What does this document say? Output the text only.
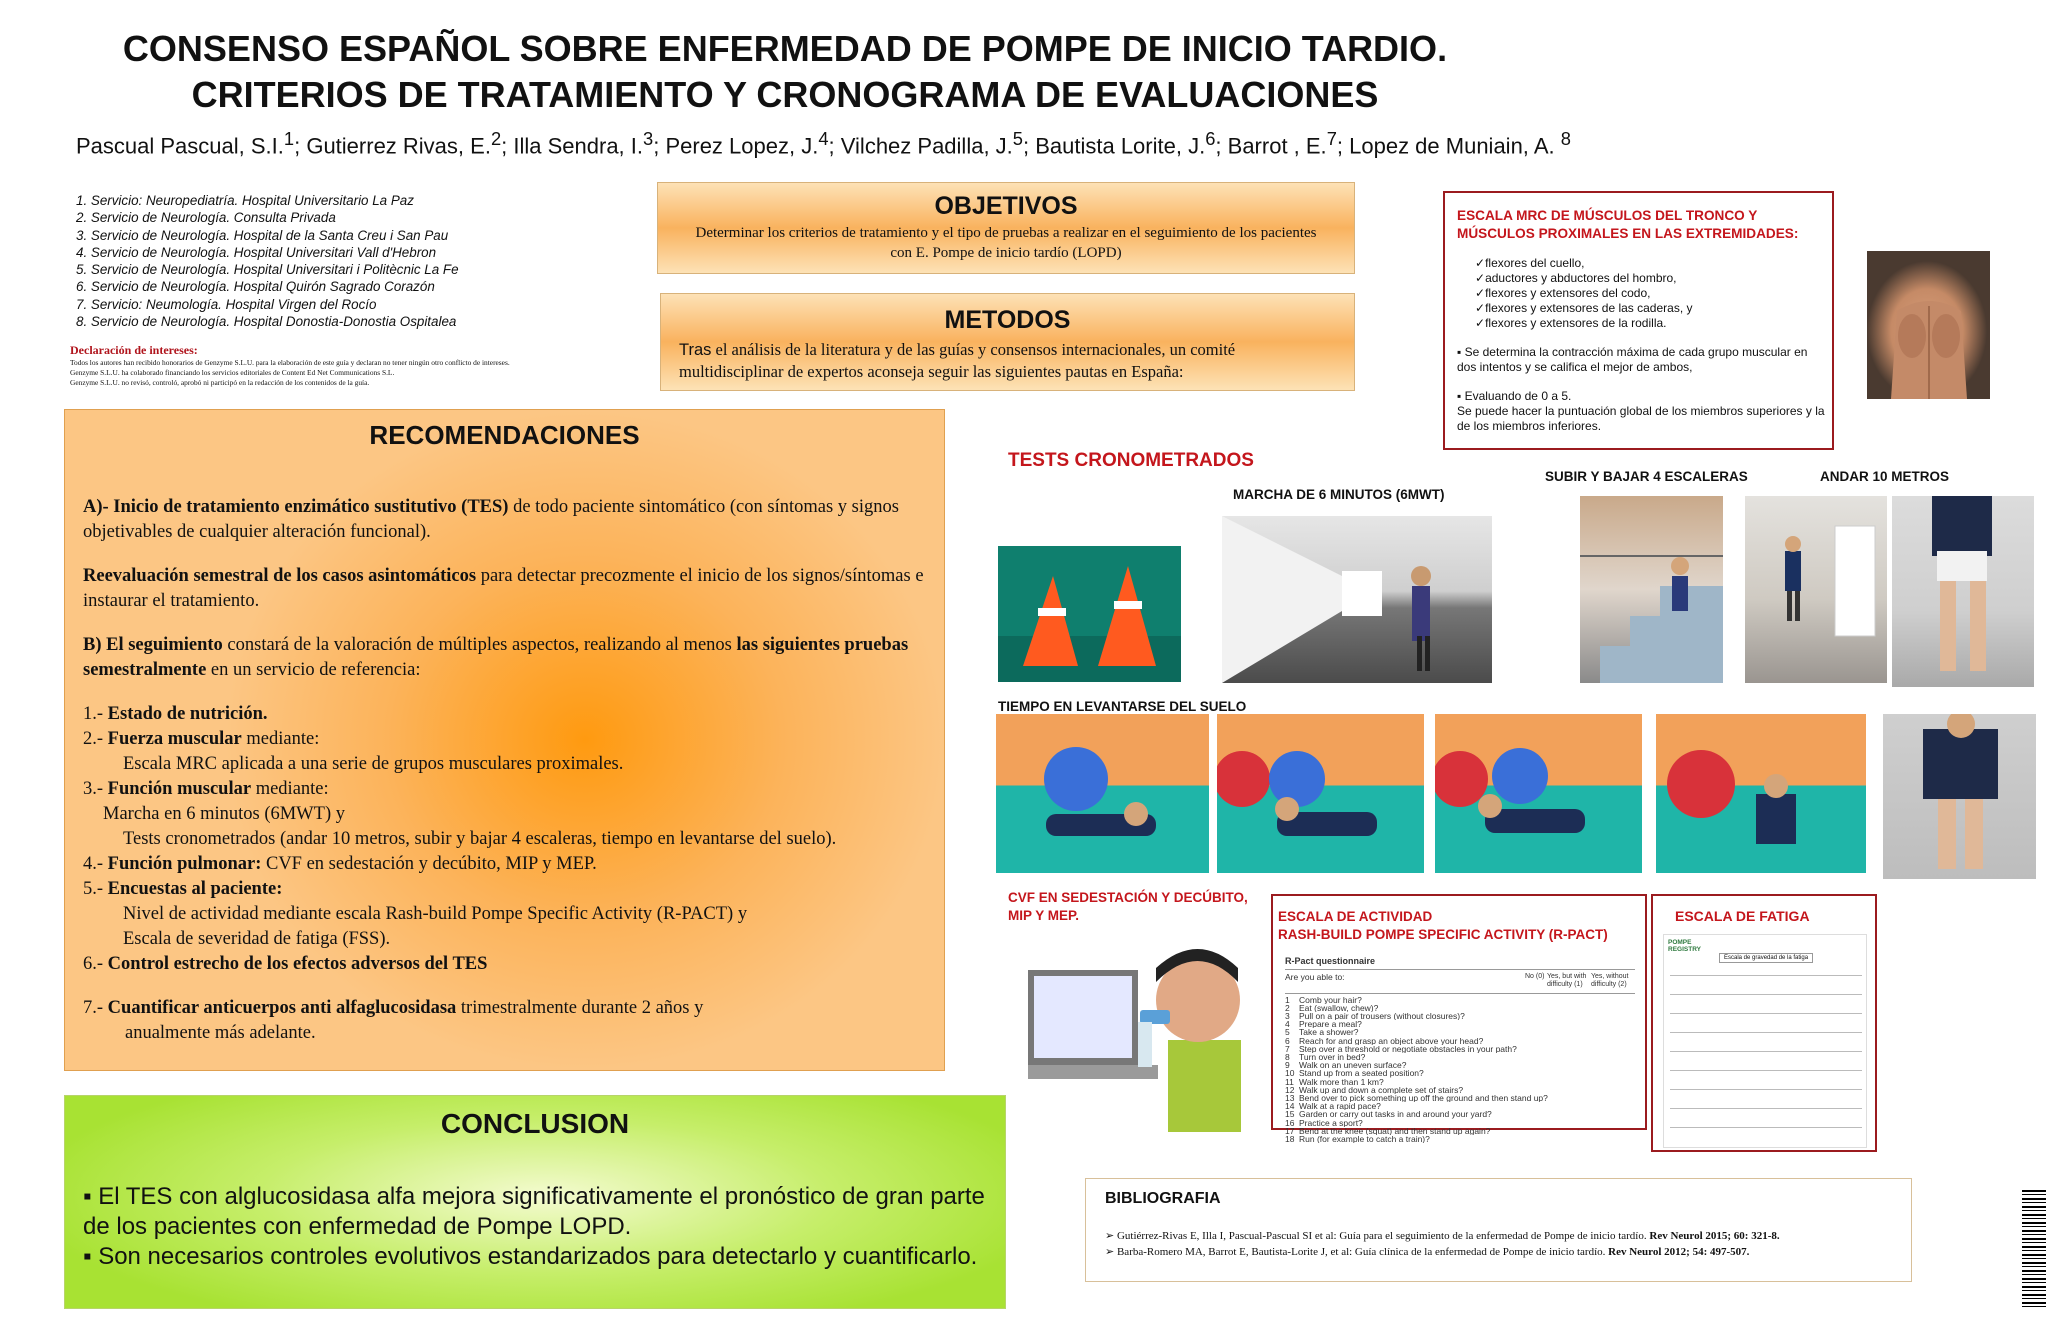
CONSENSO ESPAÑOL SOBRE ENFERMEDAD DE POMPE DE INICIO TARDIO.
CRITERIOS DE TRATAMIENTO Y CRONOGRAMA DE EVALUACIONES
Pascual Pascual, S.I.$^1$; Gutierrez Rivas, E.$^2$; Illa Sendra, I.$^3$; Perez Lopez, J.$^4$; Vilchez Padilla, J.$^5$; Bautista Lorite, J.$^6$; Barrot , E.$^7$; Lopez de Muniain, A. $^8$
1. Servicio: Neuropediatría. Hospital Universitario La Paz
2. Servicio de Neurología. Consulta Privada
3. Servicio de Neurología. Hospital de la Santa Creu i San Pau
4. Servicio de Neurología. Hospital Universitari Vall d'Hebron
5. Servicio de Neurología. Hospital Universitari i Politècnic La Fe
6. Servicio de Neurología. Hospital Quirón Sagrado Corazón
7. Servicio: Neumología. Hospital Virgen del Rocío
8. Servicio de Neurología. Hospital Donostia-Donostia Ospitalea
Declaración de intereses:
Todos los autores han recibido honorarios de Genzyme S.L.U. para la elaboración de este guía y declaran no tener ningún otro conflicto de intereses.
Genzyme S.L.U. ha colaborado financiando los servicios editoriales de Content Ed Net Communications S.L.
Genzyme S.L.U. no revisó, controló, aprobó ni participó en la redacción de los contenidos de la guía.
OBJETIVOS
Determinar los criterios de tratamiento y el tipo de pruebas a realizar en el seguimiento de los pacientes con E. Pompe de inicio tardío (LOPD)
METODOS
Tras el análisis de la literatura y de las guías y consensos internacionales, un comité multidisciplinar de expertos aconseja seguir las siguientes pautas en España:
RECOMENDACIONES

A)- Inicio de tratamiento enzimático sustitutivo (TES) de todo paciente sintomático (con síntomas y signos objetivables de cualquier alteración funcional).

Reevaluación semestral de los casos asintomáticos para detectar precozmente el inicio de los signos/síntomas e instaurar el tratamiento.

B) El seguimiento constará de la valoración de múltiples aspectos, realizando al menos las siguientes pruebas semestralmente en un servicio de referencia:

1.- Estado de nutrición.

2.- Fuerza muscular mediante:

Escala MRC aplicada a una serie de grupos musculares proximales.

3.- Función muscular mediante:

Marcha en 6 minutos (6MWT) y

Tests cronometrados (andar 10 metros, subir y bajar 4 escaleras, tiempo en levantarse del suelo).

4.- Función pulmonar: CVF en sedestación y decúbito, MIP y MEP.

5.- Encuestas al paciente:

Nivel de actividad mediante escala Rash-build Pompe Specific Activity (R-PACT) y

Escala de severidad de fatiga (FSS).

6.- Control estrecho de los efectos adversos del TES

7.- Cuantificar anticuerpos anti alfaglucosidasa trimestralmente durante 2 años y

anualmente más adelante.

CONCLUSION
▪ El TES con alglucosidasa alfa mejora significativamente el pronóstico de gran parte de los pacientes con enfermedad de Pompe LOPD.
▪ Son necesarios controles evolutivos estandarizados para detectarlo y cuantificarlo.
ESCALA MRC DE MÚSCULOS DEL TRONCO Y
MÚSCULOS PROXIMALES EN LAS EXTREMIDADES:
✓flexores del cuello,
✓aductores y abductores del hombro,
✓flexores y extensores del codo,
✓flexores y extensores de las caderas, y
✓flexores y extensores de la rodilla.
▪ Se determina la contracción máxima de cada grupo muscular en dos intentos y se califica el mejor de ambos,
▪ Evaluando de 0 a 5.
Se puede hacer la puntuación global de los miembros superiores y la de los miembros inferiores.
TESTS CRONOMETRADOS
MARCHA DE 6 MINUTOS (6MWT)
SUBIR Y BAJAR 4 ESCALERAS	ANDAR 10 METROS
TIEMPO EN LEVANTARSE DEL SUELO
CVF EN SEDESTACIÓN Y DECÚBITO,
MIP Y MEP.	ESCALA DE ACTIVIDAD
RASH-BUILD POMPE SPECIFIC ACTIVITY (R-PACT)
R-Pact questionnaire
Are you able to:	No (0) Yes, but with difficulty (1)
Yes, without difficulty (2)
1	Comb your hair?
2	Eat (swallow, chew)?
3	Pull on a pair of trousers (without closures)?
4	Prepare a meal?
5	Take a shower?
6	Reach for and grasp an object above your head?
7	Step over a threshold or negotiate obstacles in your path?
8	Turn over in bed?
9	Walk on an uneven surface?
10 Stand up from a seated position?
11 Walk more than 1 km?
12 Walk up and down a complete set of stairs?
13 Bend over to pick something up off the ground and then stand up?
14 Walk at a rapid pace?
15 Garden or carry out tasks in and around your yard?
16 Practice a sport?
17 Bend at the knee (squat) and then stand up again?
18 Run (for example to catch a train)?
ESCALA DE FATIGA
POMPE
REGISTRY
Escala de gravedad de la fatiga
BIBLIOGRAFIA
➢ Gutiérrez-Rivas E, Illa I, Pascual-Pascual SI et al: Guía para el seguimiento de la enfermedad de Pompe de inicio tardío. Rev Neurol 2015; 60: 321-8.
➢ Barba-Romero MA, Barrot E, Bautista-Lorite J, et al: Guía clínica de la enfermedad de Pompe de inicio tardío. Rev Neurol 2012; 54: 497-507.
